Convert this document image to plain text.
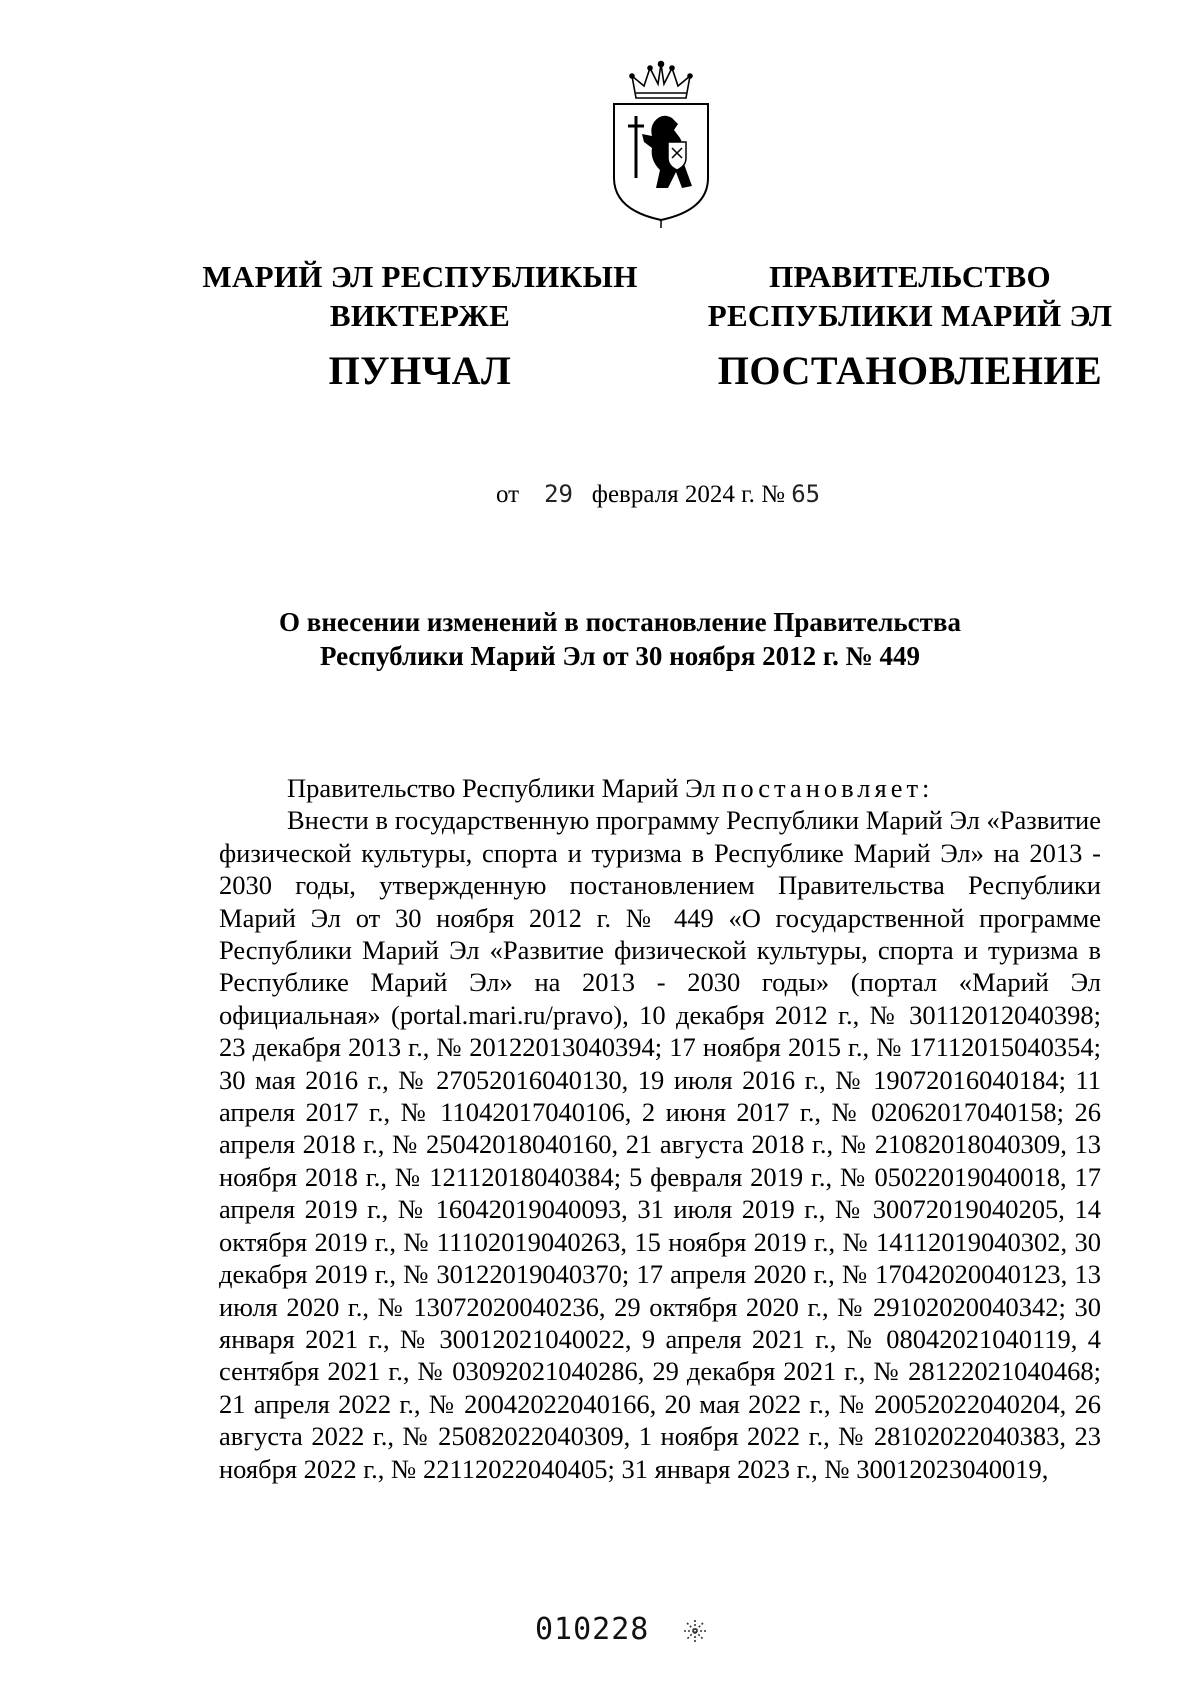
МАРИЙ ЭЛ РЕСПУБЛИКЫН
ВИКТЕРЖЕ
ПУНЧАЛ
ПРАВИТЕЛЬСТВО
РЕСПУБЛИКИ МАРИЙ ЭЛ
ПОСТАНОВЛЕНИЕ
от 29 февраля 2024 г. № 65
О внесении изменений в постановление Правительства
Республики Марий Эл от 30 ноября 2012 г. № 449

Правительство Республики Марий Эл постановляет:

Внести в государственную программу Республики Марий Эл «Развитие физической культуры, спорта и туризма в Республике Марий Эл» на 2013 - 2030 годы, утвержденную постановлением Правительства Республики Марий Эл от 30 ноября 2012 г. № 449 «О государственной программе Республики Марий Эл «Развитие физической культуры, спорта и туризма в Республике Марий Эл» на 2013 - 2030 годы» (портал «Марий Эл официальная» (portal.mari.ru/pravo), 10 декабря 2012 г., № 30112012040398; 23 декабря 2013 г., № 20122013040394; 17 ноября 2015 г., № 17112015040354; 30 мая 2016 г., № 27052016040130, 19 июля 2016 г., № 19072016040184; 11 апреля 2017 г., № 11042017040106, 2 июня 2017 г., № 02062017040158; 26 апреля 2018 г., № 25042018040160, 21 августа 2018 г., № 21082018040309, 13 ноября 2018 г., № 12112018040384; 5 февраля 2019 г., № 05022019040018, 17 апреля 2019 г., № 16042019040093, 31 июля 2019 г., № 30072019040205, 14 октября 2019 г., № 11102019040263, 15 ноября 2019 г., № 14112019040302, 30 декабря 2019 г., № 30122019040370; 17 апреля 2020 г., № 17042020040123, 13 июля 2020 г., № 13072020040236, 29 октября 2020 г., № 29102020040342; 30 января 2021 г., № 30012021040022, 9 апреля 2021 г., № 08042021040119, 4 сентября 2021 г., № 03092021040286, 29 декабря 2021 г., № 28122021040468; 21 апреля 2022 г., № 20042022040166, 20 мая 2022 г., № 20052022040204, 26 августа 2022 г., № 25082022040309, 1 ноября 2022 г., № 28102022040383, 23 ноября 2022 г., № 22112022040405; 31 января 2023 г., № 30012023040019,

010228
